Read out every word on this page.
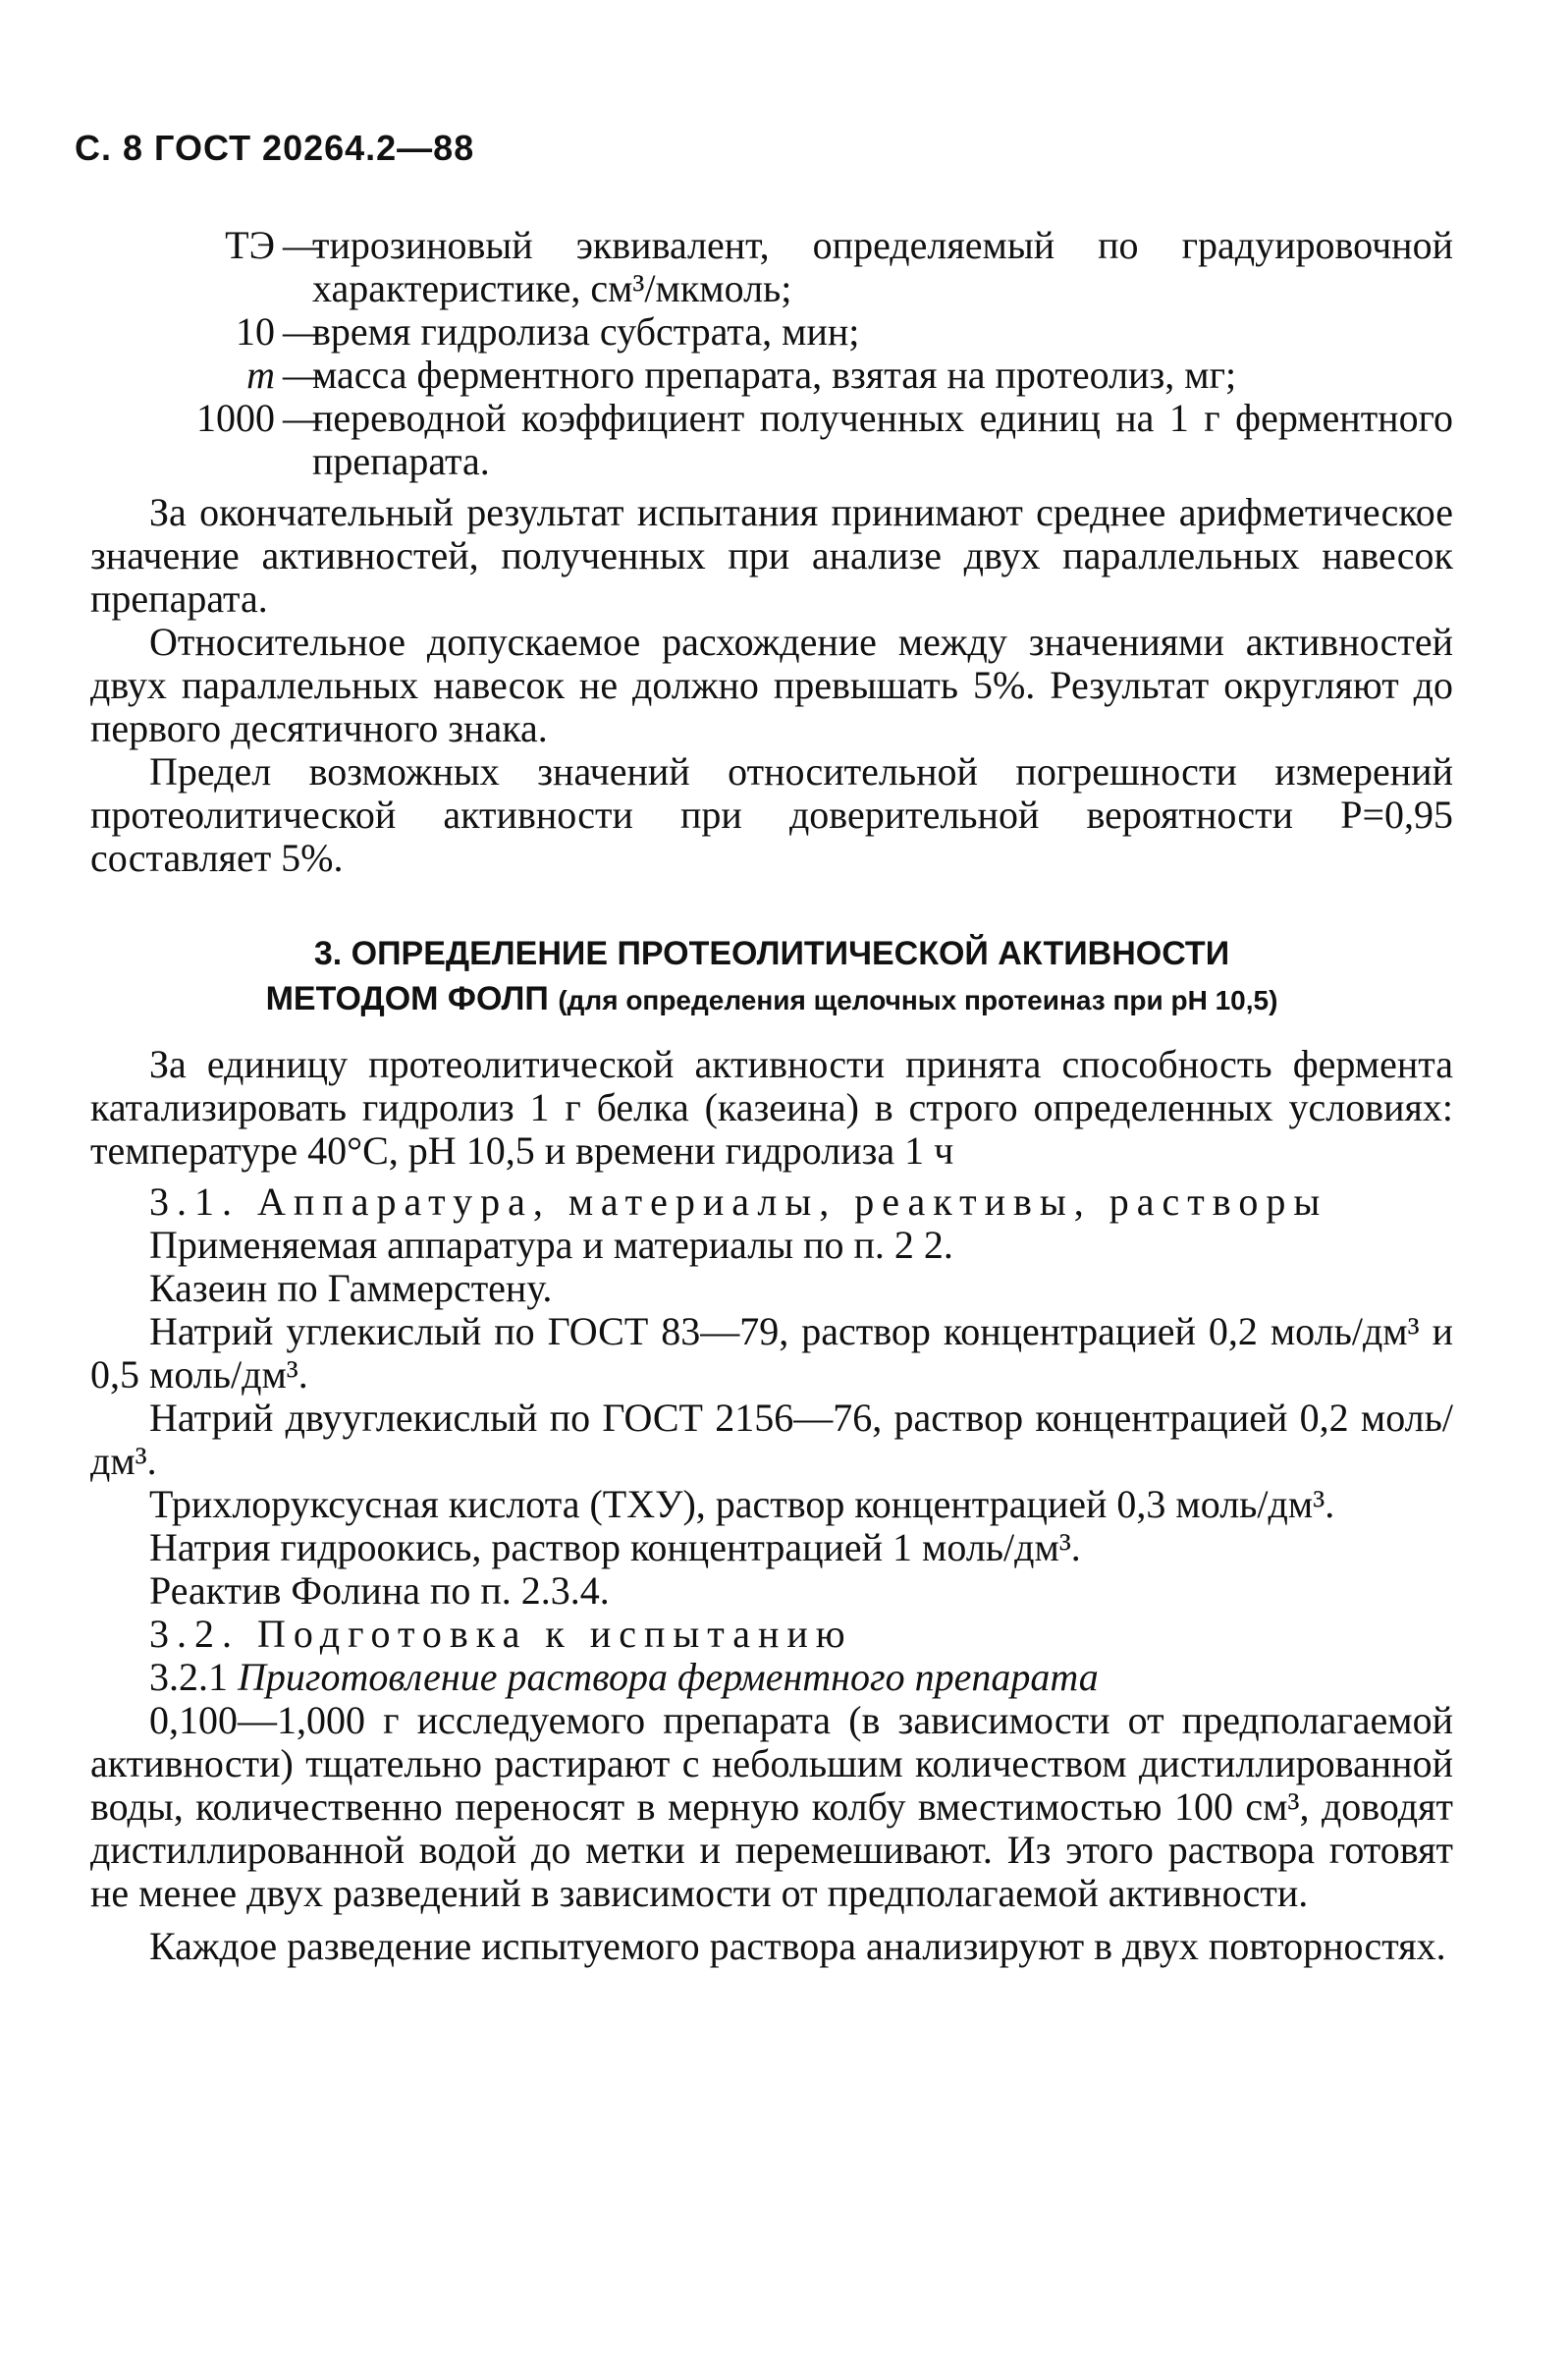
С. 8 ГОСТ 20264.2—88
ТЭ —
тирозиновый эквивалент, определяемый по градуировочной характеристике, см³/мкмоль;
10 —
время гидролиза субстрата, мин;
m —
масса ферментного препарата, взятая на протеолиз, мг;
1000 —
переводной коэффициент полученных единиц на 1 г ферментного препарата.

За окончательный результат испытания принимают среднее арифметическое значение активностей, полученных при анализе двух параллельных навесок препарата.

Относительное допускаемое расхождение между значениями активностей двух параллельных навесок не должно превышать 5%. Результат округляют до первого десятичного знака.

Предел возможных значений относительной погрешности измерений протеолитической активности при доверительной вероятности Р=0,95 составляет 5%.

3. ОПРЕДЕЛЕНИЕ ПРОТЕОЛИТИЧЕСКОЙ АКТИВНОСТИ
МЕТОДОМ ФОЛП (для определения щелочных протеиназ при рН 10,5)

За единицу протеолитической активности принята способность фермента катализировать гидролиз 1 г белка (казеина) в строго определенных условиях: температуре 40°С, рН 10,5 и времени гидролиза 1 ч

3.1. Аппаратура, материалы, реактивы, растворы

Применяемая аппаратура и материалы по п. 2 2.

Казеин по Гаммерстену.

Натрий углекислый по ГОСТ 83—79, раствор концентрацией 0,2 моль/дм³ и 0,5 моль/дм³.

Натрий двууглекислый по ГОСТ 2156—76, раствор концентрацией 0,2 моль/дм³.

Трихлоруксусная кислота (ТХУ), раствор концентрацией 0,3 моль/дм³.

Натрия гидроокись, раствор концентрацией 1 моль/дм³.

Реактив Фолина по п. 2.3.4.

3.2. Подготовка к испытанию

3.2.1 Приготовление раствора ферментного препарата

0,100—1,000 г исследуемого препарата (в зависимости от предполагаемой активности) тщательно растирают с небольшим количеством дистиллированной воды, количественно переносят в мерную колбу вместимостью 100 см³, доводят дистиллированной водой до метки и перемешивают. Из этого раствора готовят не менее двух разведений в зависимости от предполагаемой активности.

Каждое разведение испытуемого раствора анализируют в двух повторностях.
